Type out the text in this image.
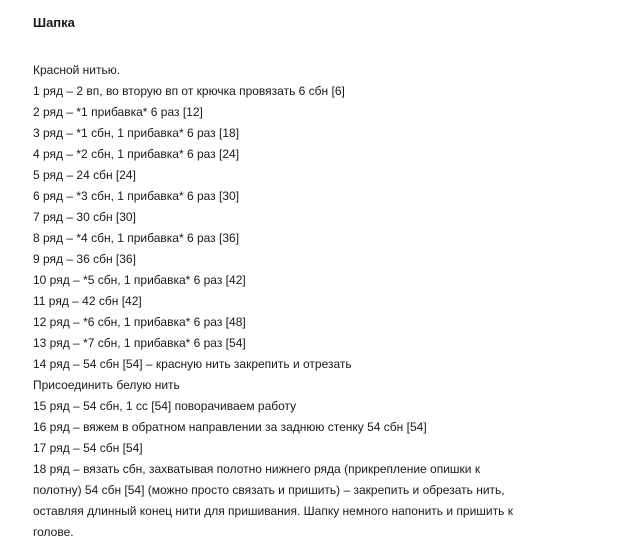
Шапка
Красной нитью.
1 ряд – 2 вп, во вторую вп от крючка провязать 6 сбн [6]
2 ряд – *1 прибавка* 6 раз [12]
3 ряд – *1 сбн, 1 прибавка* 6 раз [18]
4 ряд – *2 сбн, 1 прибавка* 6 раз [24]
5 ряд – 24 сбн [24]
6 ряд – *3 сбн, 1 прибавка* 6 раз [30]
7 ряд – 30 сбн [30]
8 ряд – *4 сбн, 1 прибавка* 6 раз [36]
9 ряд – 36 сбн [36]
10 ряд – *5 сбн, 1 прибавка* 6 раз [42]
11 ряд – 42 сбн [42]
12 ряд – *6 сбн, 1 прибавка* 6 раз [48]
13 ряд – *7 сбн, 1 прибавка* 6 раз [54]
14 ряд – 54 сбн [54] – красную нить закрепить и отрезать
Присоединить белую нить
15 ряд – 54 сбн, 1 сс [54] поворачиваем работу
16 ряд – вяжем в обратном направлении за заднюю стенку 54 сбн [54]
17 ряд – 54 сбн [54]
18 ряд – вязать сбн, захватывая полотно нижнего ряда (прикрепление опишки к
полотну) 54 сбн [54] (можно просто связать и пришить) – закрепить и обрезать нить,
оставляя длинный конец нити для пришивания. Шапку немного напонить и пришить к
голове.
